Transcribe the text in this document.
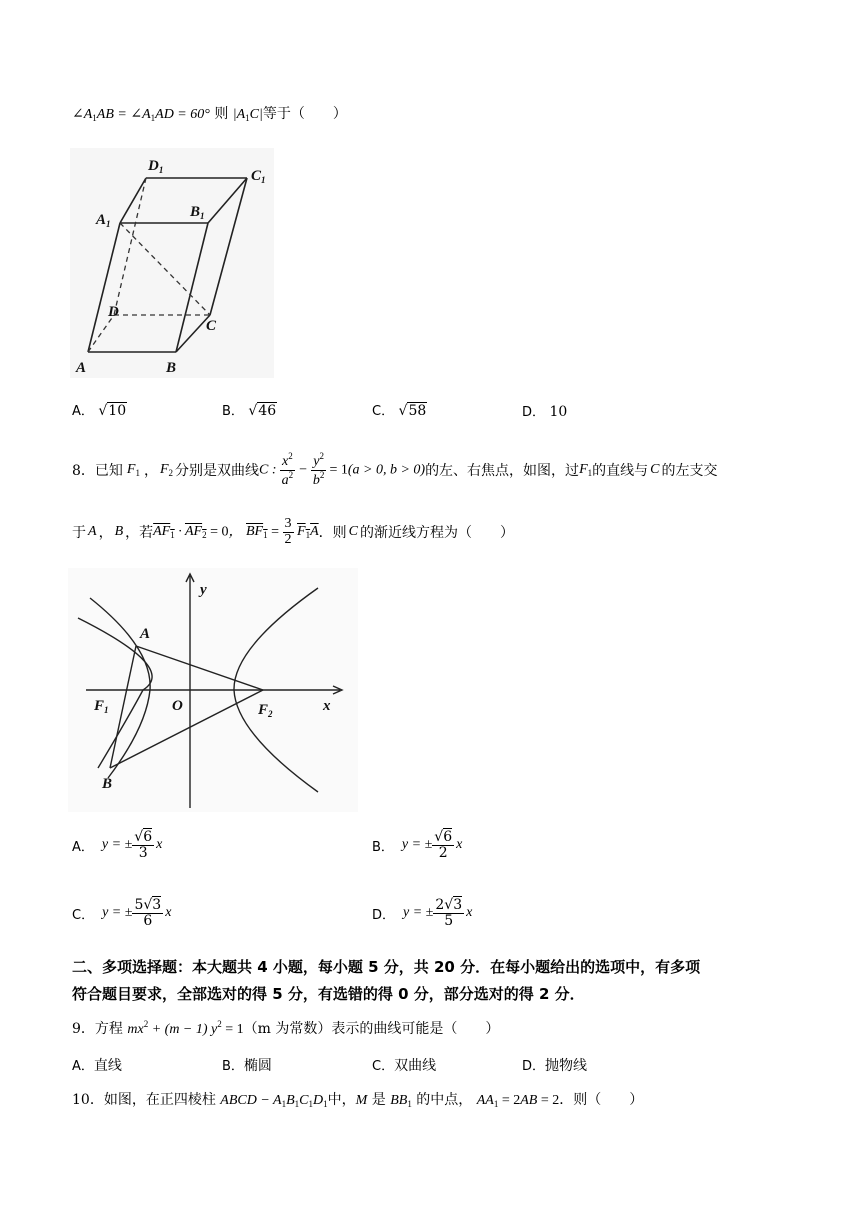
$\angle A_1AB$ = $\angle A_1AD = 60^\circ$ 则 $|A_1C|$等于（　　）
$D_1$	$C_1$
$A_1$
$B_1$
D
C
A	B
A． √10	B． √46	C． √58	D． 10
8． 已知 $F_1$ ， $F_2$ 分别是双曲线 C : $\frac{x^2}{a^2} - \frac{y^2}{b^2} = 1(a > 0$, b > 0) 的左、右焦点，如图，过 $F_1$ 的直线与 C 的左支交
于 A ， B ，若 $AF_1 \cdot AF_2 = 0$， $BF_1 = \frac{3}{2} F_1A$ ．则 C 的渐近线方程为（　　）
y
A
$F_1$	O	$F_2$	x
B
A． y = ± $\frac{√6}{3}$ x	B． y = ± $\frac{√6}{2}$ x
C． y = ± $\frac{5√3}{6}$ x	D． y = ± $\frac{2√3}{5}$ x
二、多项选择题：本大题共 4 小题，每小题 5 分，共 20 分．在每小题给出的选项中，有多项
符合题目要求，全部选对的得 5 分，有选错的得 0 分，部分选对的得 2 分．
9．方程 $mx^2 + (m - 1) y^2 = 1(m$ 为常数）表示的曲线可能是（　　）
A．直线	B．椭圆	C．双曲线	D．抛物线
10．如图，在正四棱柱 ABCD − $A_1B_1C_1D_1$中，M 是 $BB_1$ 的中点， $AA_1 = 2AB = 2$．则（　　）
